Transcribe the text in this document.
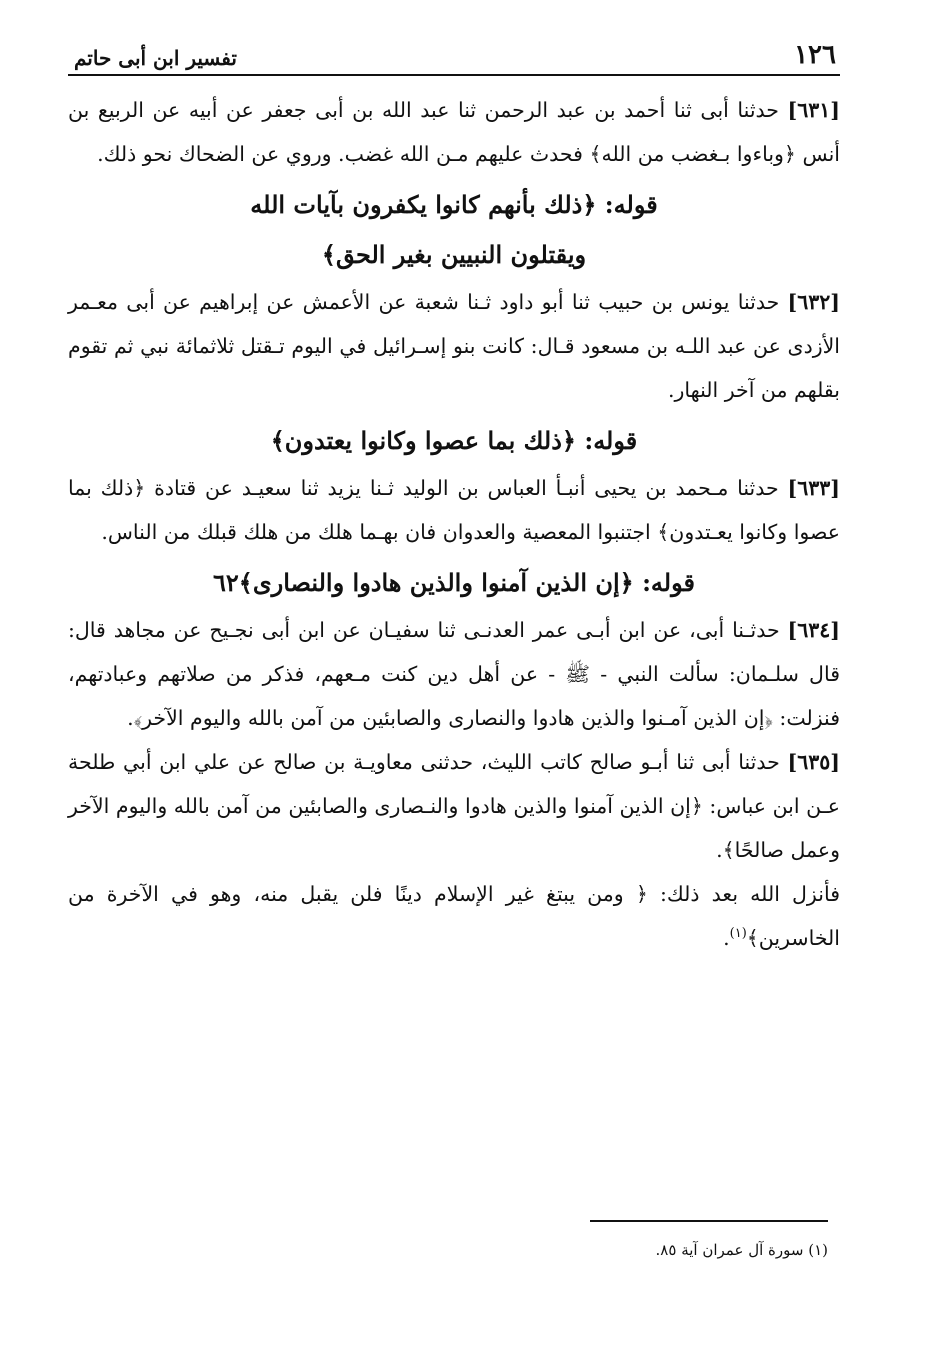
١٢٦
تفسير ابن أبى حاتم

[٦٣١] حدثنا أبى ثنا أحمد بن عبد الرحمن ثنا عبد الله بن أبى جعفر عن أبيه عن الربيع بن أنس ﴿وباءوا بـغضب من الله﴾ فحدث عليهم مـن الله غضب. وروي عن الضحاك نحو ذلك.

قوله: ﴿ذلك بأنهم كانوا يكفرون بآيات الله
ويقتلون النبيين بغير الحق﴾

[٦٣٢] حدثنا يونس بن حبيب ثنا أبو داود ثـنا شعبة عن الأعمش عن إبراهيم عن أبى معـمر الأزدى عن عبد اللـه بن مسعود قـال: كانت بنو إسـرائيل في اليوم تـقتل ثلاثمائة نبي ثم تقوم بقلهم من آخر النهار.

قوله: ﴿ذلك بما عصوا وكانوا يعتدون﴾

[٦٣٣] حدثنا مـحمد بن يحيى أنبـأ العباس بن الوليد ثـنا يزيد ثنا سعيـد عن قتادة ﴿ذلك بما عصوا وكانوا يعـتدون﴾ اجتنبوا المعصية والعدوان فان بهـما هلك من هلك قبلك من الناس.

قوله: ﴿إن الذين آمنوا والذين هادوا والنصارى﴾٦٢

[٦٣٤] حدثـنا أبى، عن ابن أبـى عمر العدنـى ثنا سفيـان عن ابن أبى نجـيح عن مجاهد قال: قال سلـمان: سألت النبي - ﷺ - عن أهل دين كنت مـعهم، فذكر من صلاتهم وعبادتهم، فنزلت: ﴿إن الذين آمـنوا والذين هادوا والنصارى والصابئين من آمن بالله واليوم الآخر﴾.

[٦٣٥] حدثنا أبى ثنا أبـو صالح كاتب الليث، حدثنى معاويـة بن صالح عن علي ابن أبي طلحة عـن ابن عباس: ﴿إن الذين آمنوا والذين هادوا والنـصارى والصابئين من آمن بالله واليوم الآخر وعمل صالحًا﴾.

فأنزل الله بعد ذلك: ﴿ ومن يبتغ غير الإسلام دينًا فلن يقبل منه، وهو في الآخرة من الخاسرين﴾$^{(١)}$.

(١) سورة آل عمران آية ٨٥.
